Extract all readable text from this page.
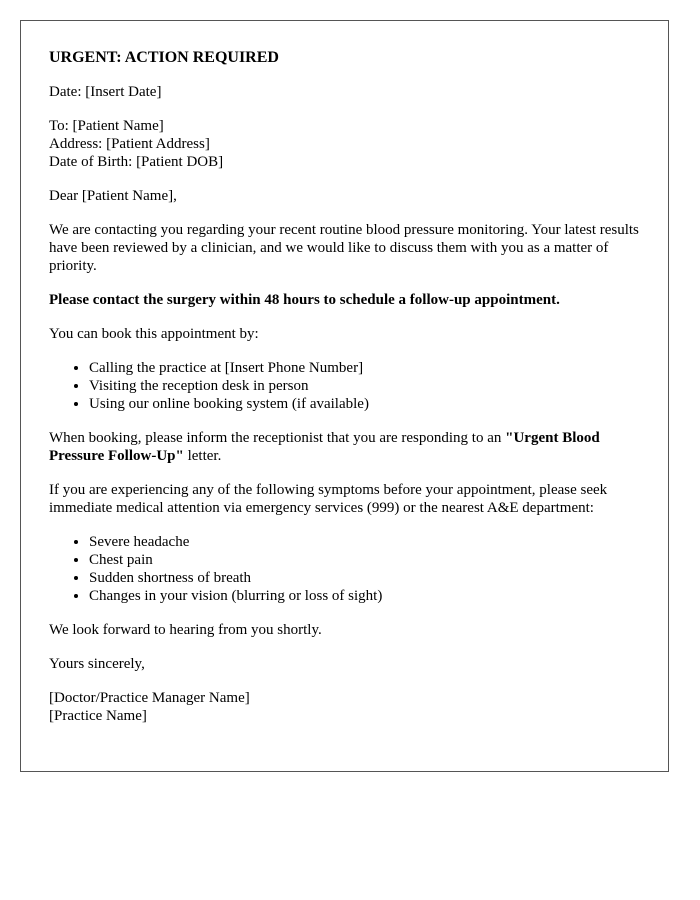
URGENT: ACTION REQUIRED

Date: [Insert Date]

To: [Patient Name]
Address: [Patient Address]
Date of Birth: [Patient DOB]

Dear [Patient Name],

We are contacting you regarding your recent routine blood pressure monitoring. Your latest results have been reviewed by a clinician, and we would like to discuss them with you as a matter of priority.

Please contact the surgery within 48 hours to schedule a follow-up appointment.

You can book this appointment by:

• Calling the practice at [Insert Phone Number]
• Visiting the reception desk in person
• Using our online booking system (if available)

When booking, please inform the receptionist that you are responding to an "Urgent Blood Pressure Follow-Up" letter.

If you are experiencing any of the following symptoms before your appointment, please seek immediate medical attention via emergency services (999) or the nearest A&E department:

• Severe headache
• Chest pain
• Sudden shortness of breath
• Changes in your vision (blurring or loss of sight)

We look forward to hearing from you shortly.

Yours sincerely,

[Doctor/Practice Manager Name]
[Practice Name]
